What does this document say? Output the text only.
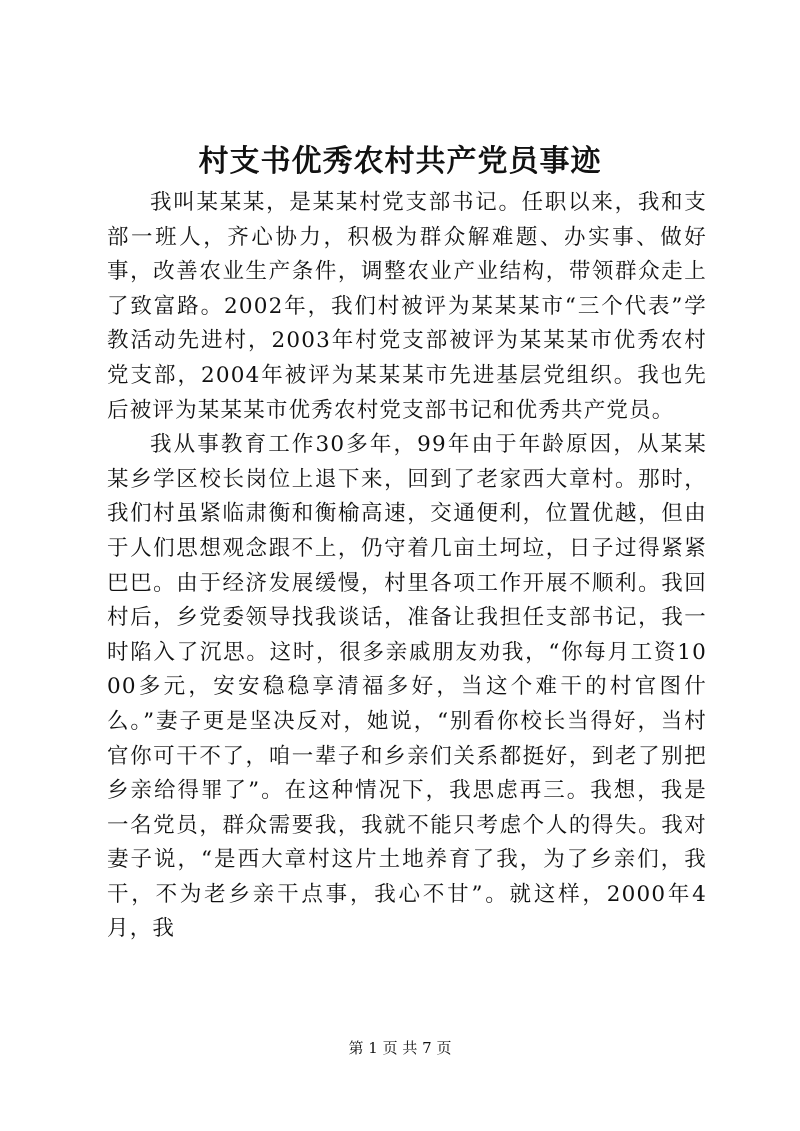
村支书优秀农村共产党员事迹

我叫某某某，是某某村党支部书记。任职以来，我和支部一班人，齐心协力，积极为群众解难题、办实事、做好事，改善农业生产条件，调整农业产业结构，带领群众走上了致富路。2002年，我们村被评为某某某市“三个代表”学教活动先进村，2003年村党支部被评为某某某市优秀农村党支部，2004年被评为某某某市先进基层党组织。我也先后被评为某某某市优秀农村党支部书记和优秀共产党员。

我从事教育工作30多年，99年由于年龄原因，从某某某乡学区校长岗位上退下来，回到了老家西大章村。那时，我们村虽紧临肃衡和衡榆高速，交通便利，位置优越，但由于人们思想观念跟不上，仍守着几亩土坷垃，日子过得紧紧巴巴。由于经济发展缓慢，村里各项工作开展不顺利。我回村后，乡党委领导找我谈话，准备让我担任支部书记，我一时陷入了沉思。这时，很多亲戚朋友劝我，“你每月工资1000多元，安安稳稳享清福多好，当这个难干的村官图什么。”妻子更是坚决反对，她说，“别看你校长当得好，当村官你可干不了，咱一辈子和乡亲们关系都挺好，到老了别把乡亲给得罪了”。在这种情况下，我思虑再三。我想，我是一名党员，群众需要我，我就不能只考虑个人的得失。我对妻子说，“是西大章村这片土地养育了我，为了乡亲们，我干，不为老乡亲干点事，我心不甘”。就这样，2000年4月，我

第 1 页 共 7 页
